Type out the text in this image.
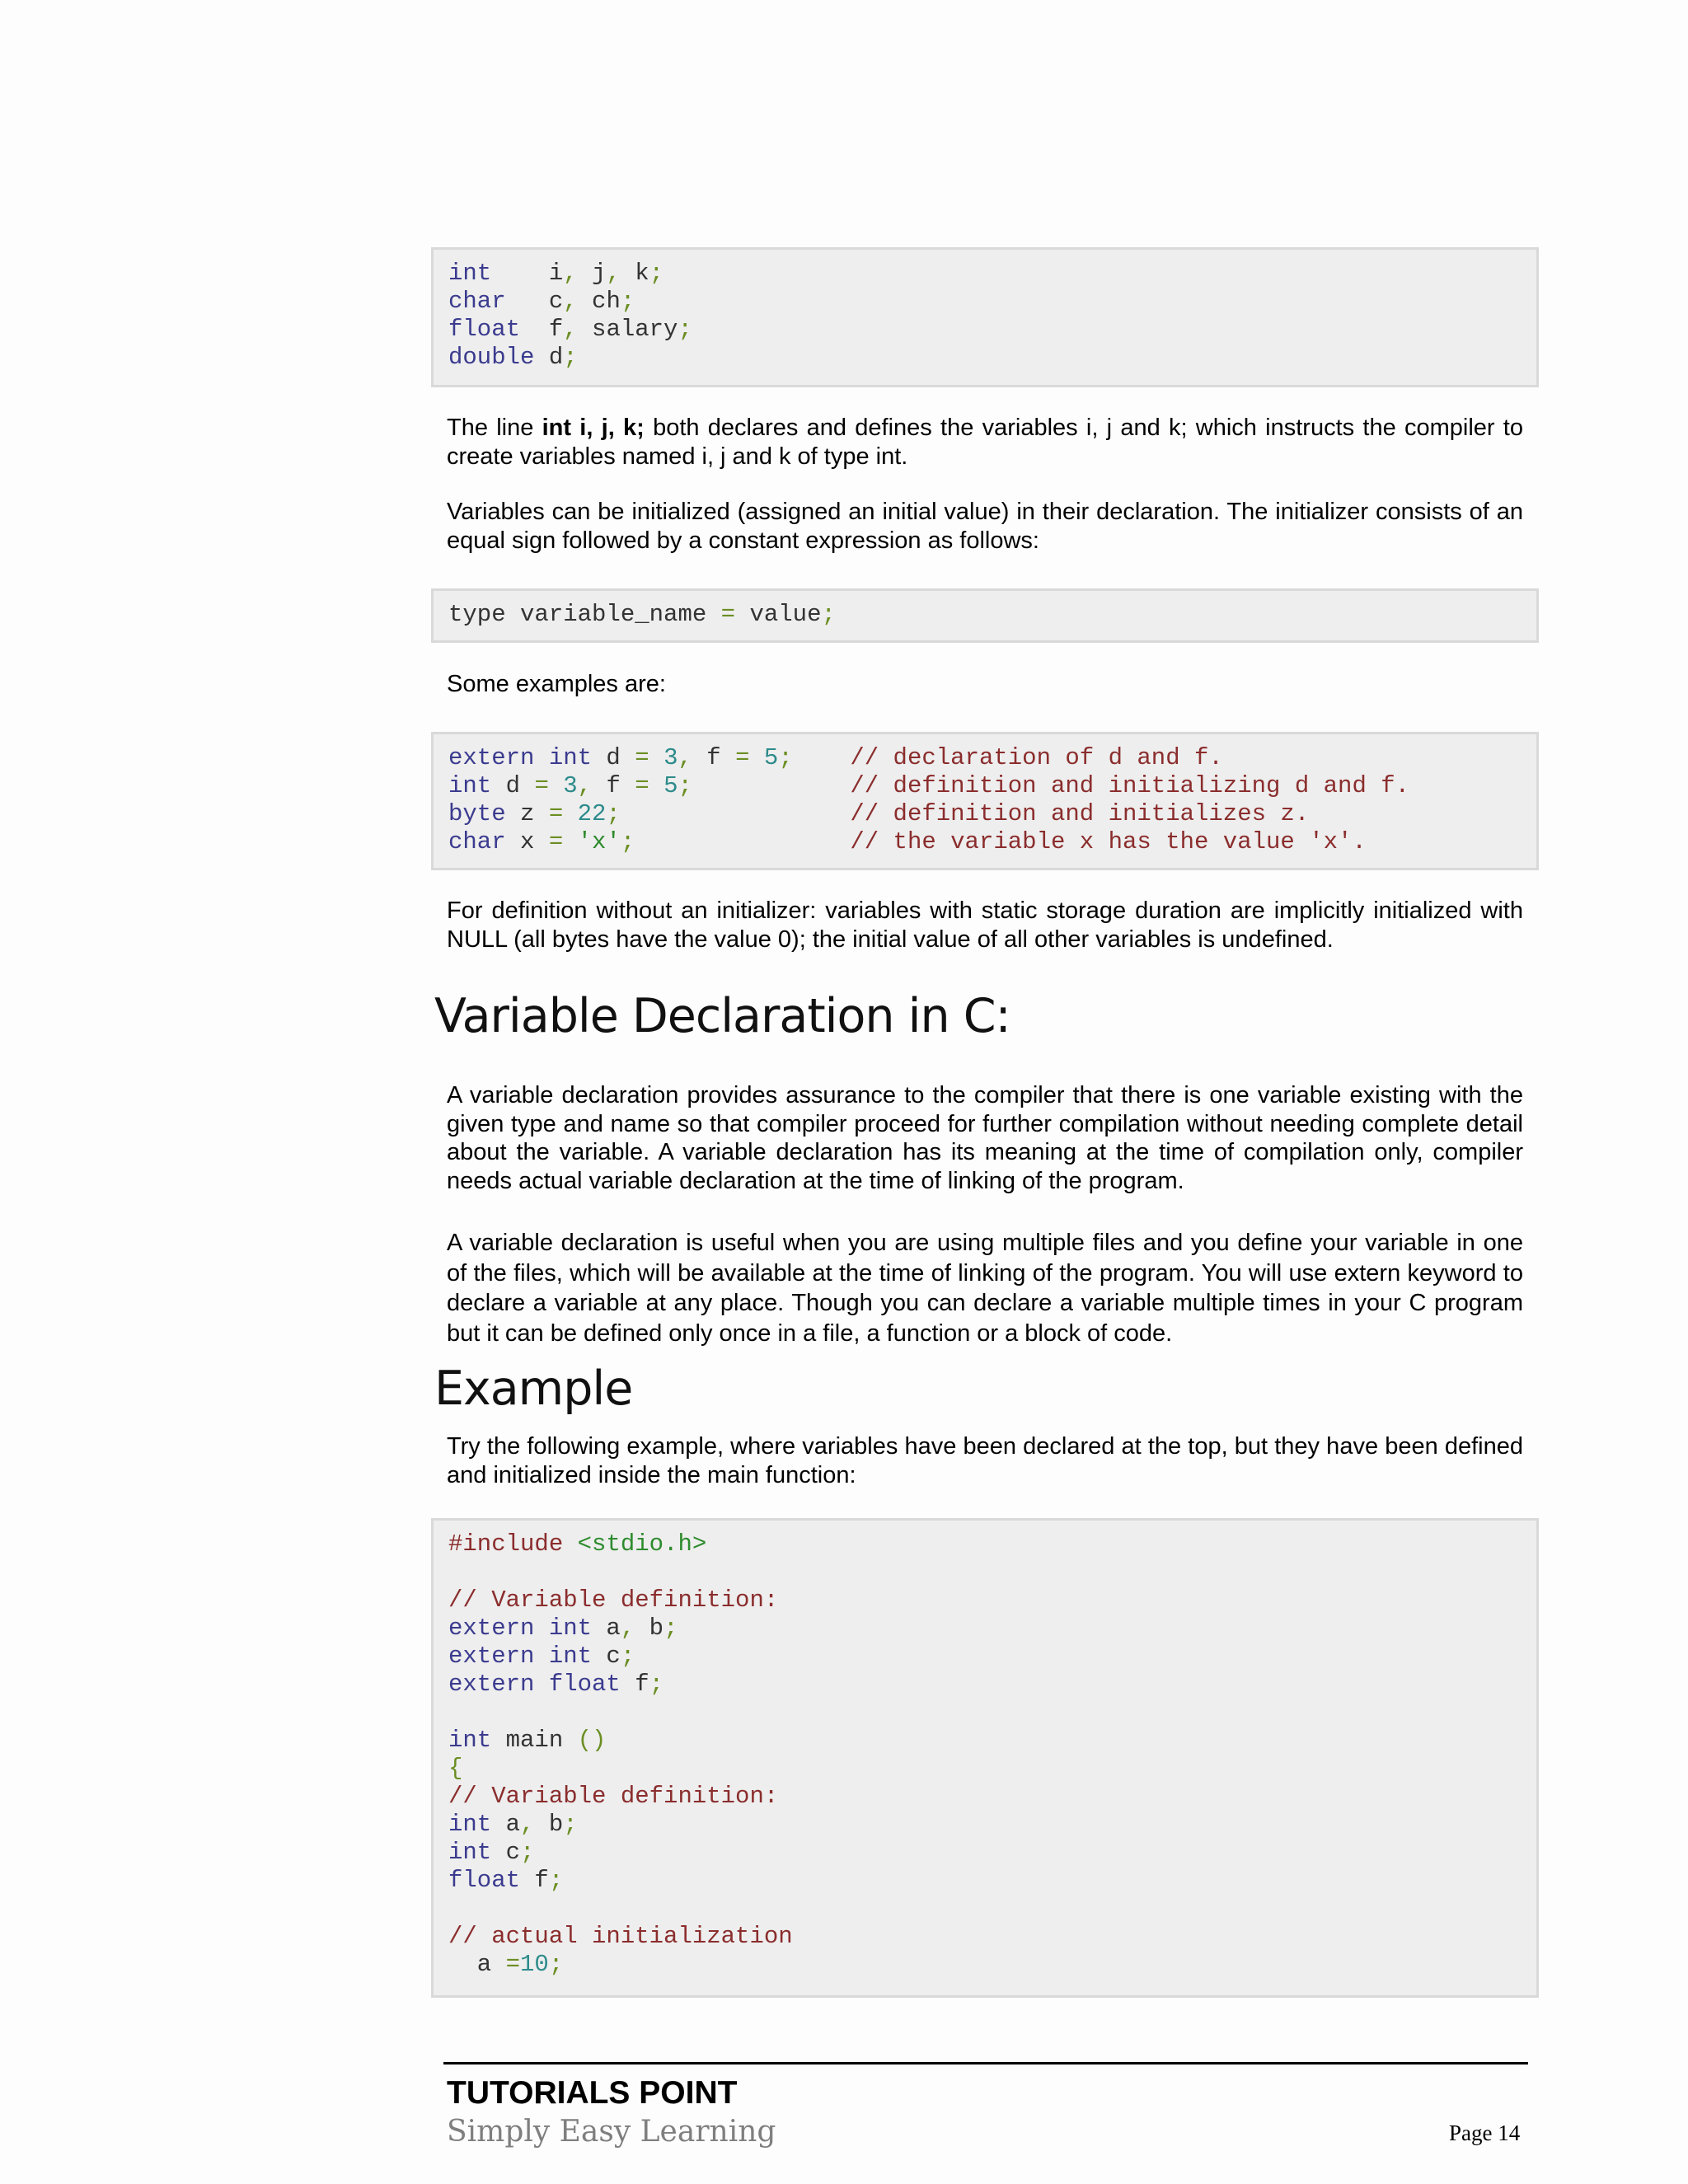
int    i, j, k;
char   c, ch;
float  f, salary;
double d;

The line int i, j, k; both declares and defines the variables i, j and k; which instructs the compiler to create variables named i, j and k of type int.

Variables can be initialized (assigned an initial value) in their declaration. The initializer consists of an equal sign followed by a constant expression as follows:

type variable_name = value;

Some examples are:

extern int d = 3, f = 5; // declaration of d and f.
int d = 3, f = 5;	// definition and initializing d and f.
byte z = 22;	// definition and initializes z.
char x = 'x';	// the variable x has the value 'x'.

For definition without an initializer: variables with static storage duration are implicitly initialized with NULL (all bytes have the value 0); the initial value of all other variables is undefined.

Variable Declaration in C:

A variable declaration provides assurance to the compiler that there is one variable existing with the given type and name so that compiler proceed for further compilation without needing complete detail about the variable. A variable declaration has its meaning at the time of compilation only, compiler needs actual variable declaration at the time of linking of the program.

A variable declaration is useful when you are using multiple files and you define your variable in one of the files, which will be available at the time of linking of the program. You will use extern keyword to declare a variable at any place. Though you can declare a variable multiple times in your C program but it can be defined only once in a file, a function or a block of code.

Example

Try the following example, where variables have been declared at the top, but they have been defined and initialized inside the main function:

#include <stdio.h>
// Variable definition:
extern int a, b;
extern int c;
extern float f;
int main ()
{
// Variable definition:
int a, b;
int c;
float f;
// actual initialization
a =10;
TUTORIALS POINT
Simply Easy Learning	Page 14
